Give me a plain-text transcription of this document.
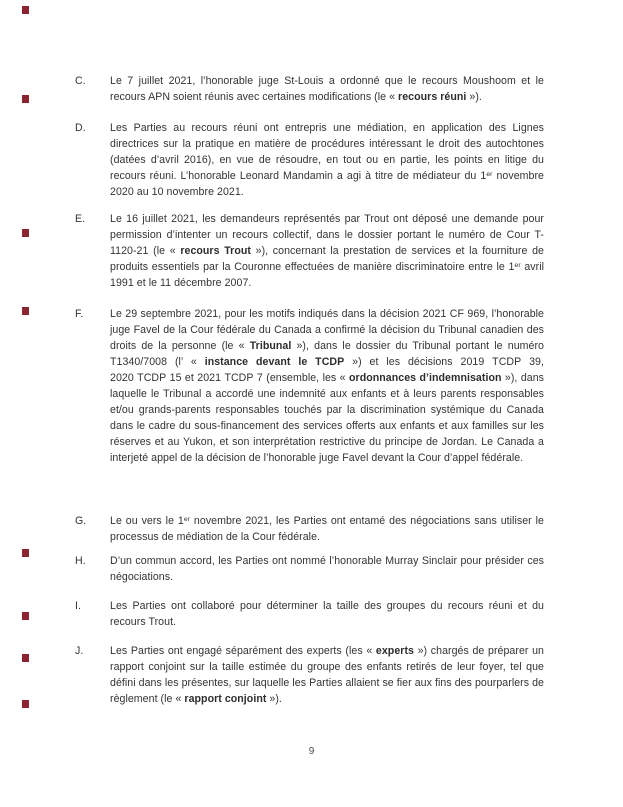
C.	Le 7 juillet 2021, l’honorable juge St-Louis a ordonné que le recours Moushoom et le recours APN soient réunis avec certaines modifications (le « recours réuni »).
D.	Les Parties au recours réuni ont entrepris une médiation, en application des Lignes directrices sur la pratique en matière de procédures intéressant le droit des autochtones (datées d’avril 2016), en vue de résoudre, en tout ou en partie, les points en litige du recours réuni. L’honorable Leonard Mandamin a agi à titre de médiateur du 1er novembre 2020 au 10 novembre 2021.
E.	Le 16 juillet 2021, les demandeurs représentés par Trout ont déposé une demande pour permission d’intenter un recours collectif, dans le dossier portant le numéro de Cour T-1120-21 (le « recours Trout »), concernant la prestation de services et la fourniture de produits essentiels par la Couronne effectuées de manière discriminatoire entre le 1er avril 1991 et le 11 décembre 2007.
F.	Le 29 septembre 2021, pour les motifs indiqués dans la décision 2021 CF 969, l’honorable juge Favel de la Cour fédérale du Canada a confirmé la décision du Tribunal canadien des droits de la personne (le « Tribunal »), dans le dossier du Tribunal portant le numéro T1340/7008 (l’ « instance devant le TCDP ») et les décisions 2019 TCDP 39, 2020 TCDP 15 et 2021 TCDP 7 (ensemble, les « ordonnances d’indemnisation »), dans laquelle le Tribunal a accordé une indemnité aux enfants et à leurs parents responsables et/ou grands-parents responsables touchés par la discrimination systémique du Canada dans le cadre du sous-financement des services offerts aux enfants et aux familles sur les réserves et au Yukon, et son interprétation restrictive du principe de Jordan. Le Canada a interjeté appel de la décision de l’honorable juge Favel devant la Cour d’appel fédérale.
G.	Le ou vers le 1er novembre 2021, les Parties ont entamé des négociations sans utiliser le processus de médiation de la Cour fédérale.
H.	D’un commun accord, les Parties ont nommé l’honorable Murray Sinclair pour présider ces négociations.
I.	Les Parties ont collaboré pour déterminer la taille des groupes du recours réuni et du recours Trout.
J.	Les Parties ont engagé séparément des experts (les « experts ») chargés de préparer un rapport conjoint sur la taille estimée du groupe des enfants retirés de leur foyer, tel que défini dans les présentes, sur laquelle les Parties allaient se fier aux fins des pourparlers de règlement (le « rapport conjoint »).
9
